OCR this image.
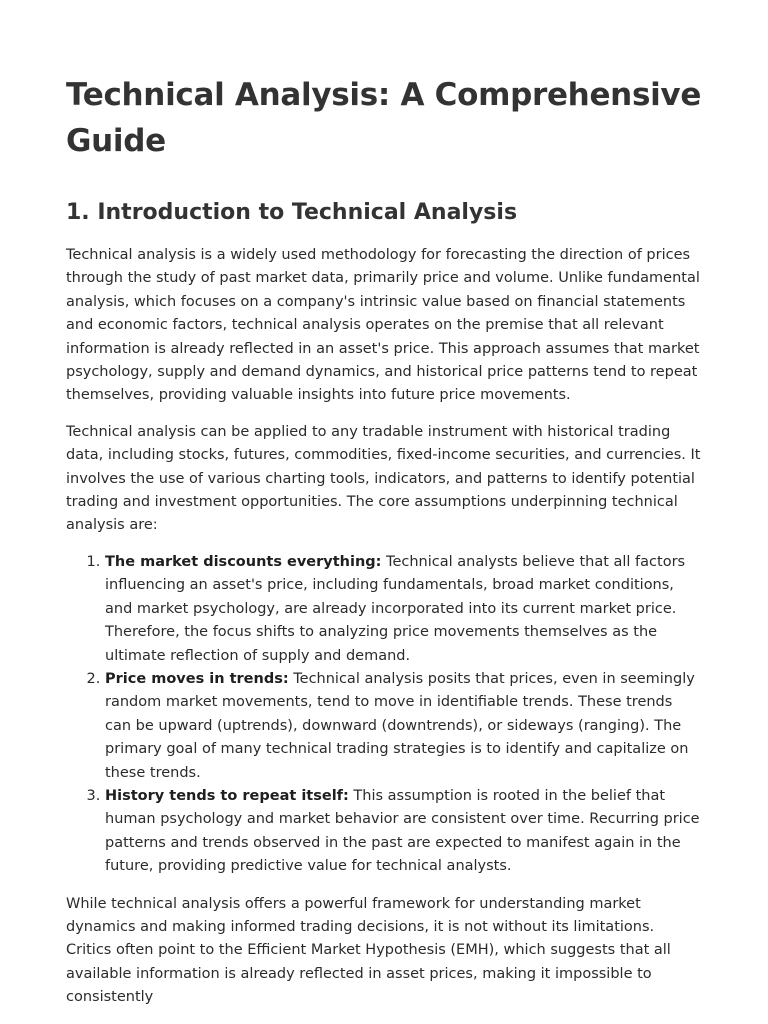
Technical Analysis: A Comprehensive Guide
1. Introduction to Technical Analysis

Technical analysis is a widely used methodology for forecasting the direction of prices through the study of past market data, primarily price and volume. Unlike fundamental analysis, which focuses on a company's intrinsic value based on financial statements and economic factors, technical analysis operates on the premise that all relevant information is already reflected in an asset's price. This approach assumes that market psychology, supply and demand dynamics, and historical price patterns tend to repeat themselves, providing valuable insights into future price movements.

Technical analysis can be applied to any tradable instrument with historical trading data, including stocks, futures, commodities, fixed-income securities, and currencies. It involves the use of various charting tools, indicators, and patterns to identify potential trading and investment opportunities. The core assumptions underpinning technical analysis are:

1. The market discounts everything: Technical analysts believe that all factors influencing an asset's price, including fundamentals, broad market conditions, and market psychology, are already incorporated into its current market price. Therefore, the focus shifts to analyzing price movements themselves as the ultimate reflection of supply and demand.
2. Price moves in trends: Technical analysis posits that prices, even in seemingly random market movements, tend to move in identifiable trends. These trends can be upward (uptrends), downward (downtrends), or sideways (ranging). The primary goal of many technical trading strategies is to identify and capitalize on these trends.
3. History tends to repeat itself: This assumption is rooted in the belief that human psychology and market behavior are consistent over time. Recurring price patterns and trends observed in the past are expected to manifest again in the future, providing predictive value for technical analysts.

While technical analysis offers a powerful framework for understanding market dynamics and making informed trading decisions, it is not without its limitations. Critics often point to the Efficient Market Hypothesis (EMH), which suggests that all available information is already reflected in asset prices, making it impossible to consistently
